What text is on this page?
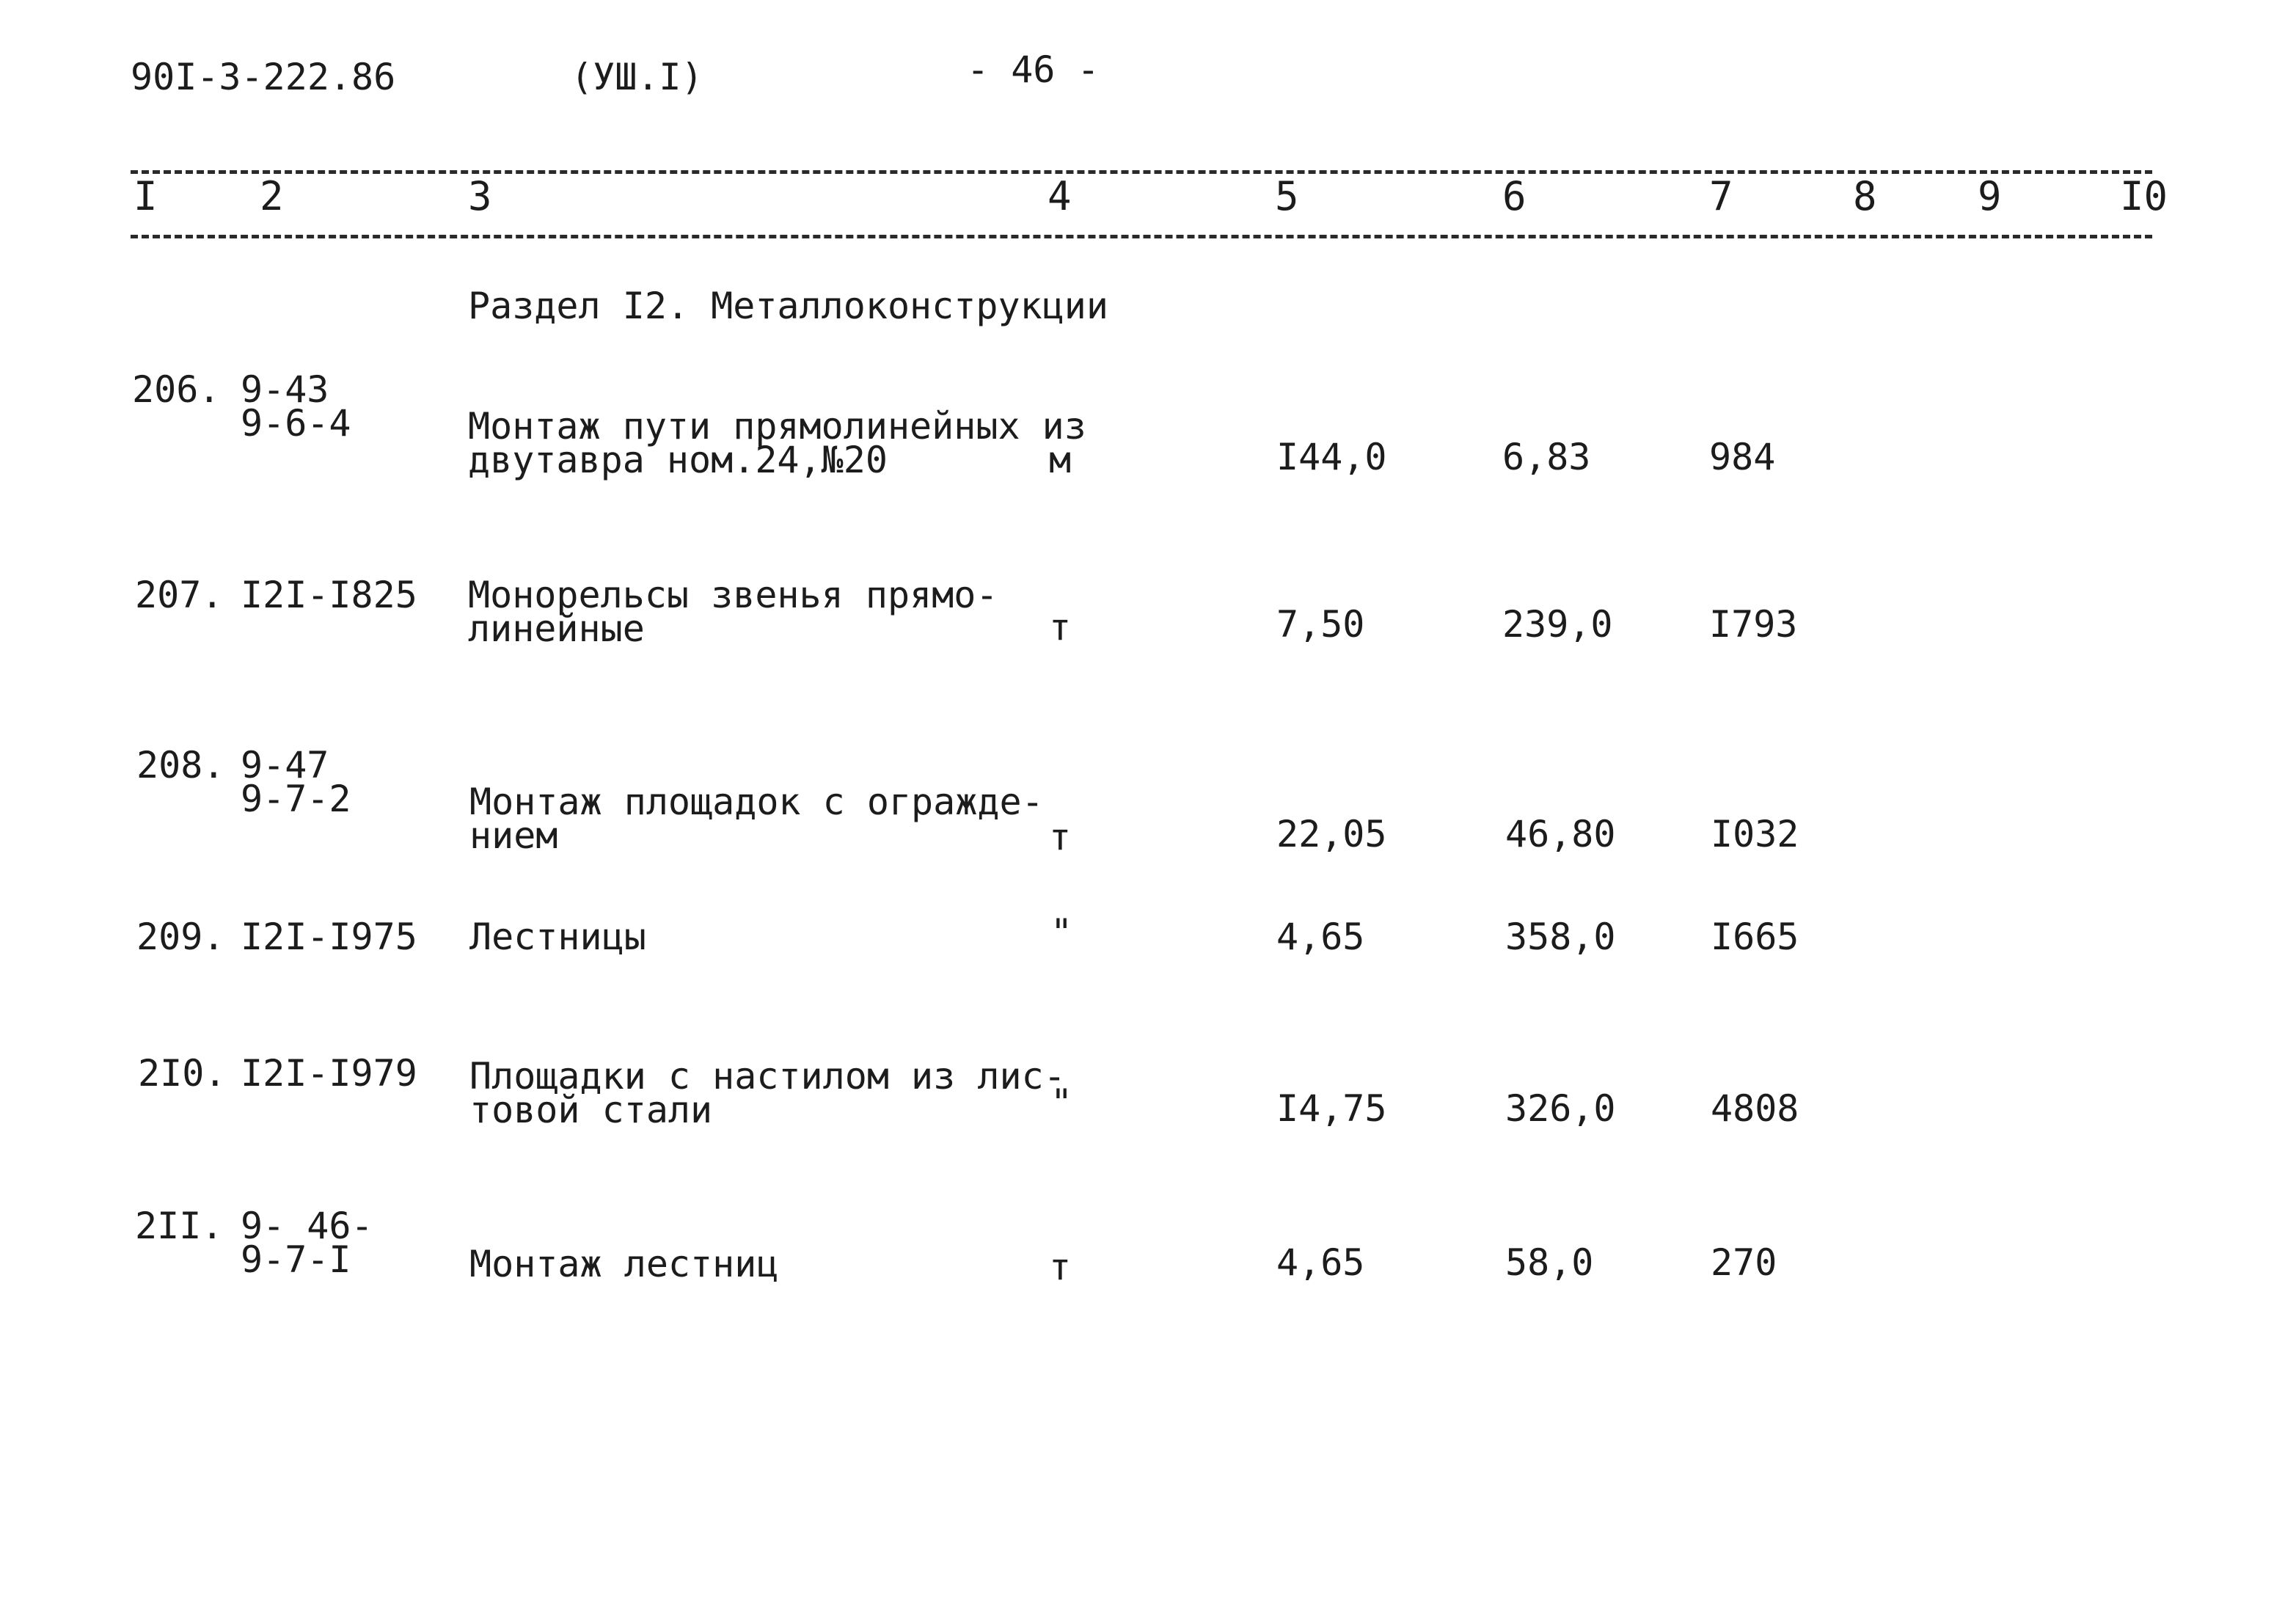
90I-3-222.86	(УШ.I)	- 46 -
I	2	3	4	5	6	7	8	9	I0
Раздел I2. Металлоконструкции
206. 9-43
9-6-4	Монтаж пути прямолинейных из
двутавра ном.24,№20	м	I44,0	6,83	984
207. I2I-I825 Монорельсы звенья прямо-
линейные	т	7,50	239,0	I793
208. 9-47
9-7-2	Монтаж площадок с огражде-
нием	т	22,05	46,80	I032
209. I2I-I975 Лестницы	"	4,65	358,0	I665
2I0. I2I-I979 Площадки с настилом из лис-
товой стали	"	I4,75	326,0	4808
2II. 9- 46-
9-7-I	Монтаж лестниц	т	4,65	58,0	270
